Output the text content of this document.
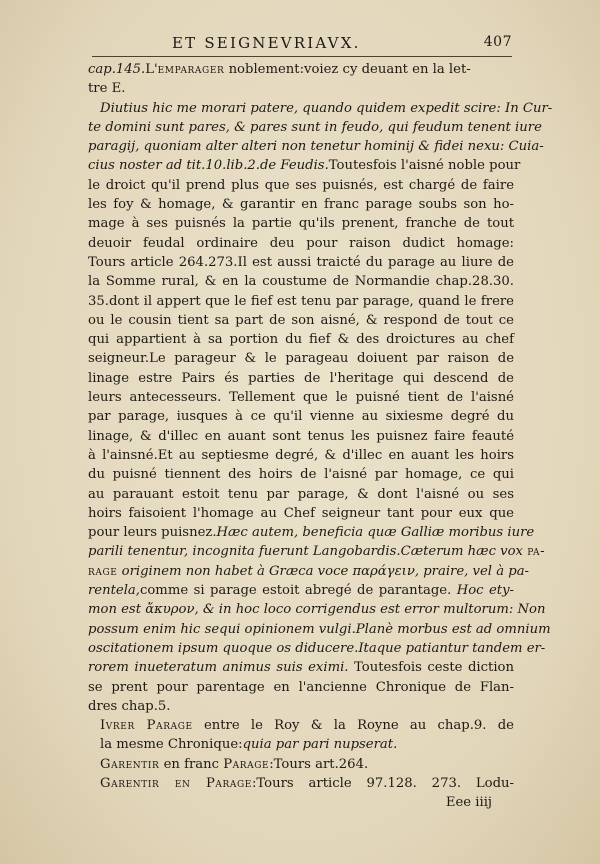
ET SEIGNEVRIAVX.	407
cap.145.L'emparager noblement:voiez cy deuant en la let-
tre E.
Diutius hic me morari patere, quando quidem expedit scire: In Cur-
te domini sunt pares, & pares sunt in feudo, qui feudum tenent iure
paragij, quoniam alter alteri non tenetur hominij & fidei nexu: Cuia-
cius noster ad tit.10.lib.2.de Feudis.Toutesfois l'aisné noble pour
le droict qu'il prend plus que ses puisnés, est chargé de faire
les foy & homage, & garantir en franc parage soubs son ho-
mage à ses puisnés la partie qu'ils prenent, franche de tout
deuoir feudal ordinaire deu pour raison dudict homage:
Tours article 264.273.Il est aussi traicté du parage au liure de
la Somme rural, & en la coustume de Normandie chap.28.30.
35.dont il appert que le fief est tenu par parage, quand le frere
ou le cousin tient sa part de son aisné, & respond de tout ce
qui appartient à sa portion du fief & des droictures au chef
seigneur.Le parageur & le parageau doiuent par raison de
linage estre Pairs és parties de l'heritage qui descend de
leurs antecesseurs. Tellement que le puisné tient de l'aisné
par parage, iusques à ce qu'il vienne au sixiesme degré du
linage, & d'illec en auant sont tenus les puisnez faire feauté
à l'ainsné.Et au septiesme degré, & d'illec en auant les hoirs
du puisné tiennent des hoirs de l'aisné par homage, ce qui
au parauant estoit tenu par parage, & dont l'aisné ou ses
hoirs faisoient l'homage au Chef seigneur tant pour eux que
pour leurs puisnez.Hæc autem, beneficia quæ Galliæ moribus iure
parili tenentur, incognita fuerunt Langobardis.Cæterum hæc vox pa-
rage originem non habet à Græca voce παράγειν, praire, vel à pa-
rentela,comme si parage estoit abregé de parantage. Hoc ety-
mon est ἄκυρον, & in hoc loco corrigendus est error multorum: Non
possum enim hic sequi opinionem vulgi.Planè morbus est ad omnium
oscitationem ipsum quoque os diducere.Itaque patiantur tandem er-
rorem inueteratum animus suis eximi. Toutesfois ceste diction
se prent pour parentage en l'ancienne Chronique de Flan-
dres chap.5.
Ivrer Parage entre le Roy & la Royne au chap.9. de
la mesme Chronique:quia par pari nupserat.
Garentir en franc Parage:Tours art.264.
Garentir en Parage:Tours article 97.128. 273. Lodu-
Eee iiij
